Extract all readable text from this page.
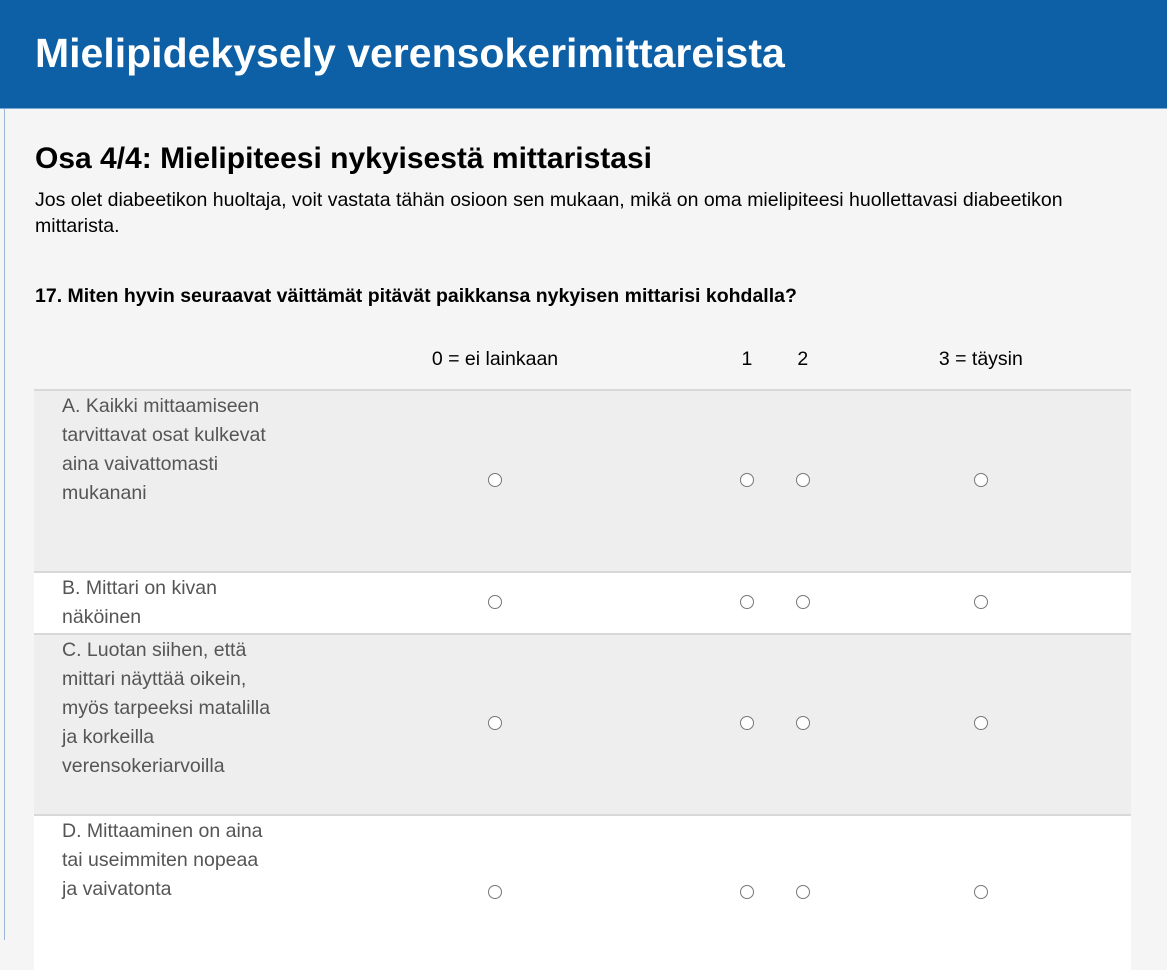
Mielipidekysely verensokerimittareista
Osa 4/4: Mielipiteesi nykyisestä mittaristasi

Jos olet diabeetikon huoltaja, voit vastata tähän osioon sen mukaan, mikä on oma mielipiteesi huollettavasi diabeetikon mittarista.

17. Miten hyvin seuraavat väittämät pitävät paikkansa nykyisen mittarisi kohdalla?

	0 = ei lainkaan	1	2	3 = täysin
A. Kaikki mittaamiseen tarvittavat osat kulkevat aina vaivattomasti mukanani				
B. Mittari on kivan näköinen				
C. Luotan siihen, että mittari näyttää oikein, myös tarpeeksi matalilla ja korkeilla verensokeriarvoilla				
D. Mittaaminen on aina tai useimmiten nopeaa ja vaivatonta				
